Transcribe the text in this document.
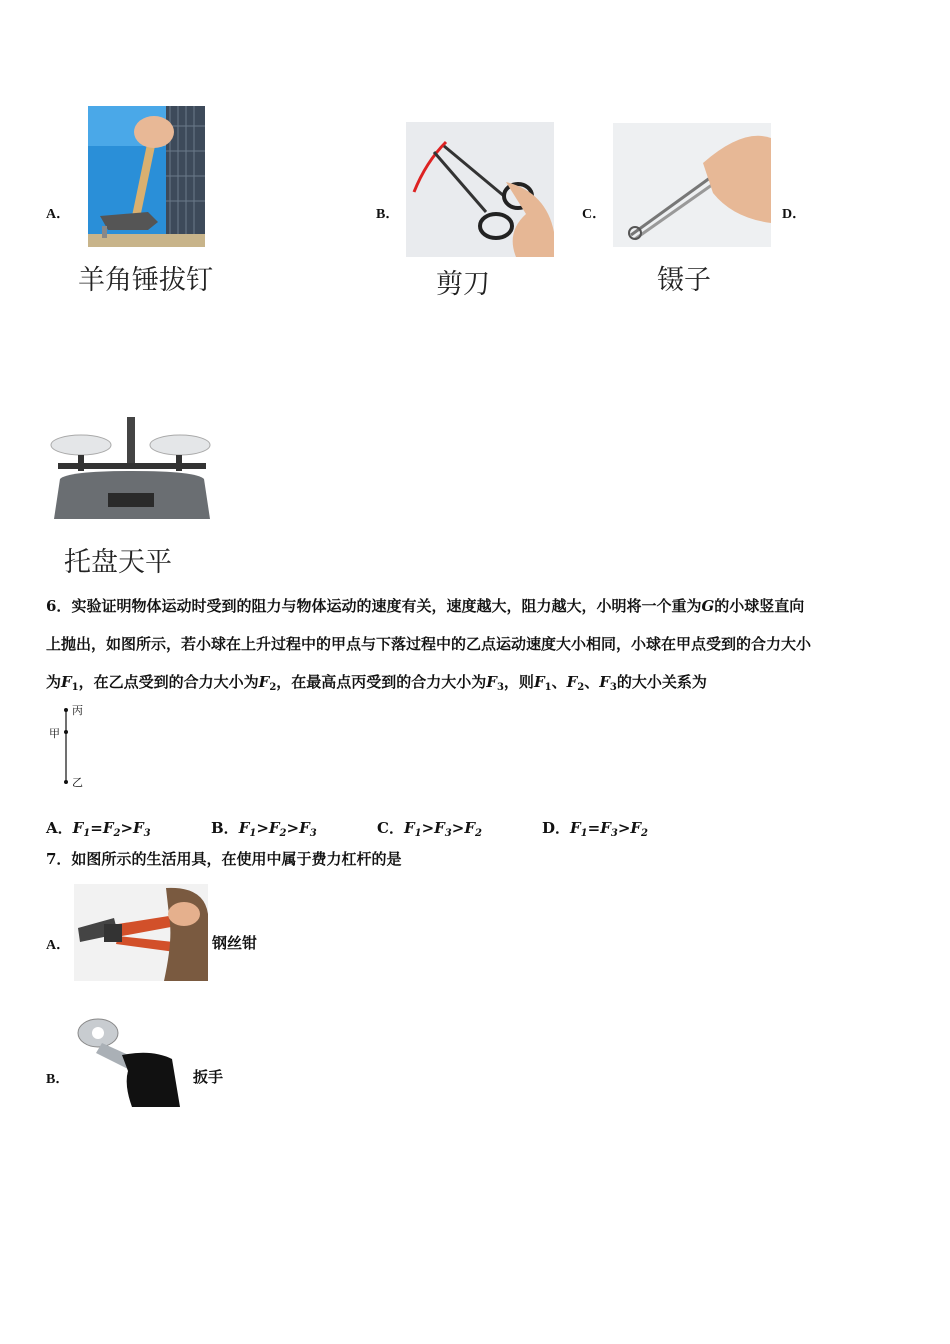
A．
羊角锤拔钉
B．
剪刀
C．
镊子
D．
托盘天平
6．实验证明物体运动时受到的阻力与物体运动的速度有关，速度越大，阻力越大，小明将一个重为G的小球竖直向
上抛出，如图所示，若小球在上升过程中的甲点与下落过程中的乙点运动速度大小相同，小球在甲点受到的合力大小
为$F_1$，在乙点受到的合力大小为$F_2$，在最高点丙受到的合力大小为$F_3$，则$F_1$、$F_2$、$F_3$的大小关系为
丙
甲
乙
A．$F_1=F_2>F_3$	B．$F_1>F_2>F_3$	C．$F_1>F_3>F_2$	D．$F_1=F_3>F_2$
7．如图所示的生活用具，在使用中属于费力杠杆的是
A．	钢丝钳
B．	扳手
